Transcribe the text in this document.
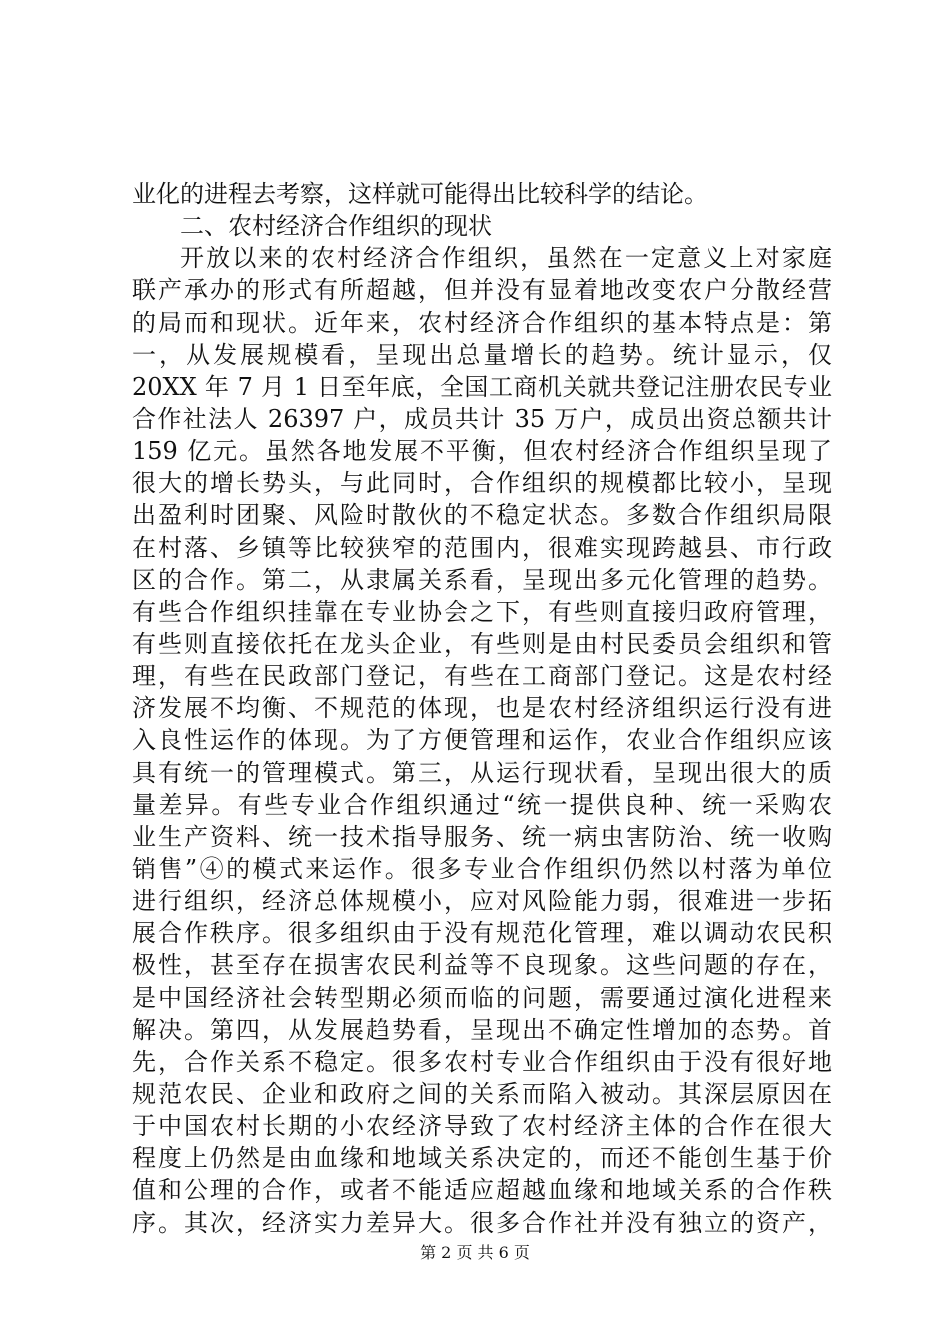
业化的进程去考察，这样就可能得出比较科学的结论。
二、农村经济合作组织的现状
开放以来的农村经济合作组织，虽然在一定意义上对家庭
联产承办的形式有所超越，但并没有显着地改变农户分散经营
的局而和现状。近年来，农村经济合作组织的基本特点是：第
一，从发展规模看，呈现出总量增长的趋势。统计显示，仅
20XX 年 7 月 1 日至年底，全国工商机关就共登记注册农民专业
合作社法人 26397 户，成员共计 35 万户，成员出资总额共计
159 亿元。虽然各地发展不平衡，但农村经济合作组织呈现了
很大的增长势头，与此同时，合作组织的规模都比较小，呈现
出盈利时团聚、风险时散伙的不稳定状态。多数合作组织局限
在村落、乡镇等比较狭窄的范围内，很难实现跨越县、市行政
区的合作。第二，从隶属关系看，呈现出多元化管理的趋势。
有些合作组织挂靠在专业协会之下，有些则直接归政府管理，
有些则直接依托在龙头企业，有些则是由村民委员会组织和管
理，有些在民政部门登记，有些在工商部门登记。这是农村经
济发展不均衡、不规范的体现，也是农村经济组织运行没有进
入良性运作的体现。为了方便管理和运作，农业合作组织应该
具有统一的管理模式。第三，从运行现状看，呈现出很大的质
量差异。有些专业合作组织通过“统一提供良种、统一采购农
业生产资料、统一技术指导服务、统一病虫害防治、统一收购
销售”④的模式来运作。很多专业合作组织仍然以村落为单位
进行组织，经济总体规模小，应对风险能力弱，很难进一步拓
展合作秩序。很多组织由于没有规范化管理，难以调动农民积
极性，甚至存在损害农民利益等不良现象。这些问题的存在，
是中国经济社会转型期必须而临的问题，需要通过演化进程来
解决。第四，从发展趋势看，呈现出不确定性增加的态势。首
先，合作关系不稳定。很多农村专业合作组织由于没有很好地
规范农民、企业和政府之间的关系而陷入被动。其深层原因在
于中国农村长期的小农经济导致了农村经济主体的合作在很大
程度上仍然是由血缘和地域关系决定的，而还不能创生基于价
值和公理的合作，或者不能适应超越血缘和地域关系的合作秩
序。其次，经济实力差异大。很多合作社并没有独立的资产，
第 2 页 共 6 页
